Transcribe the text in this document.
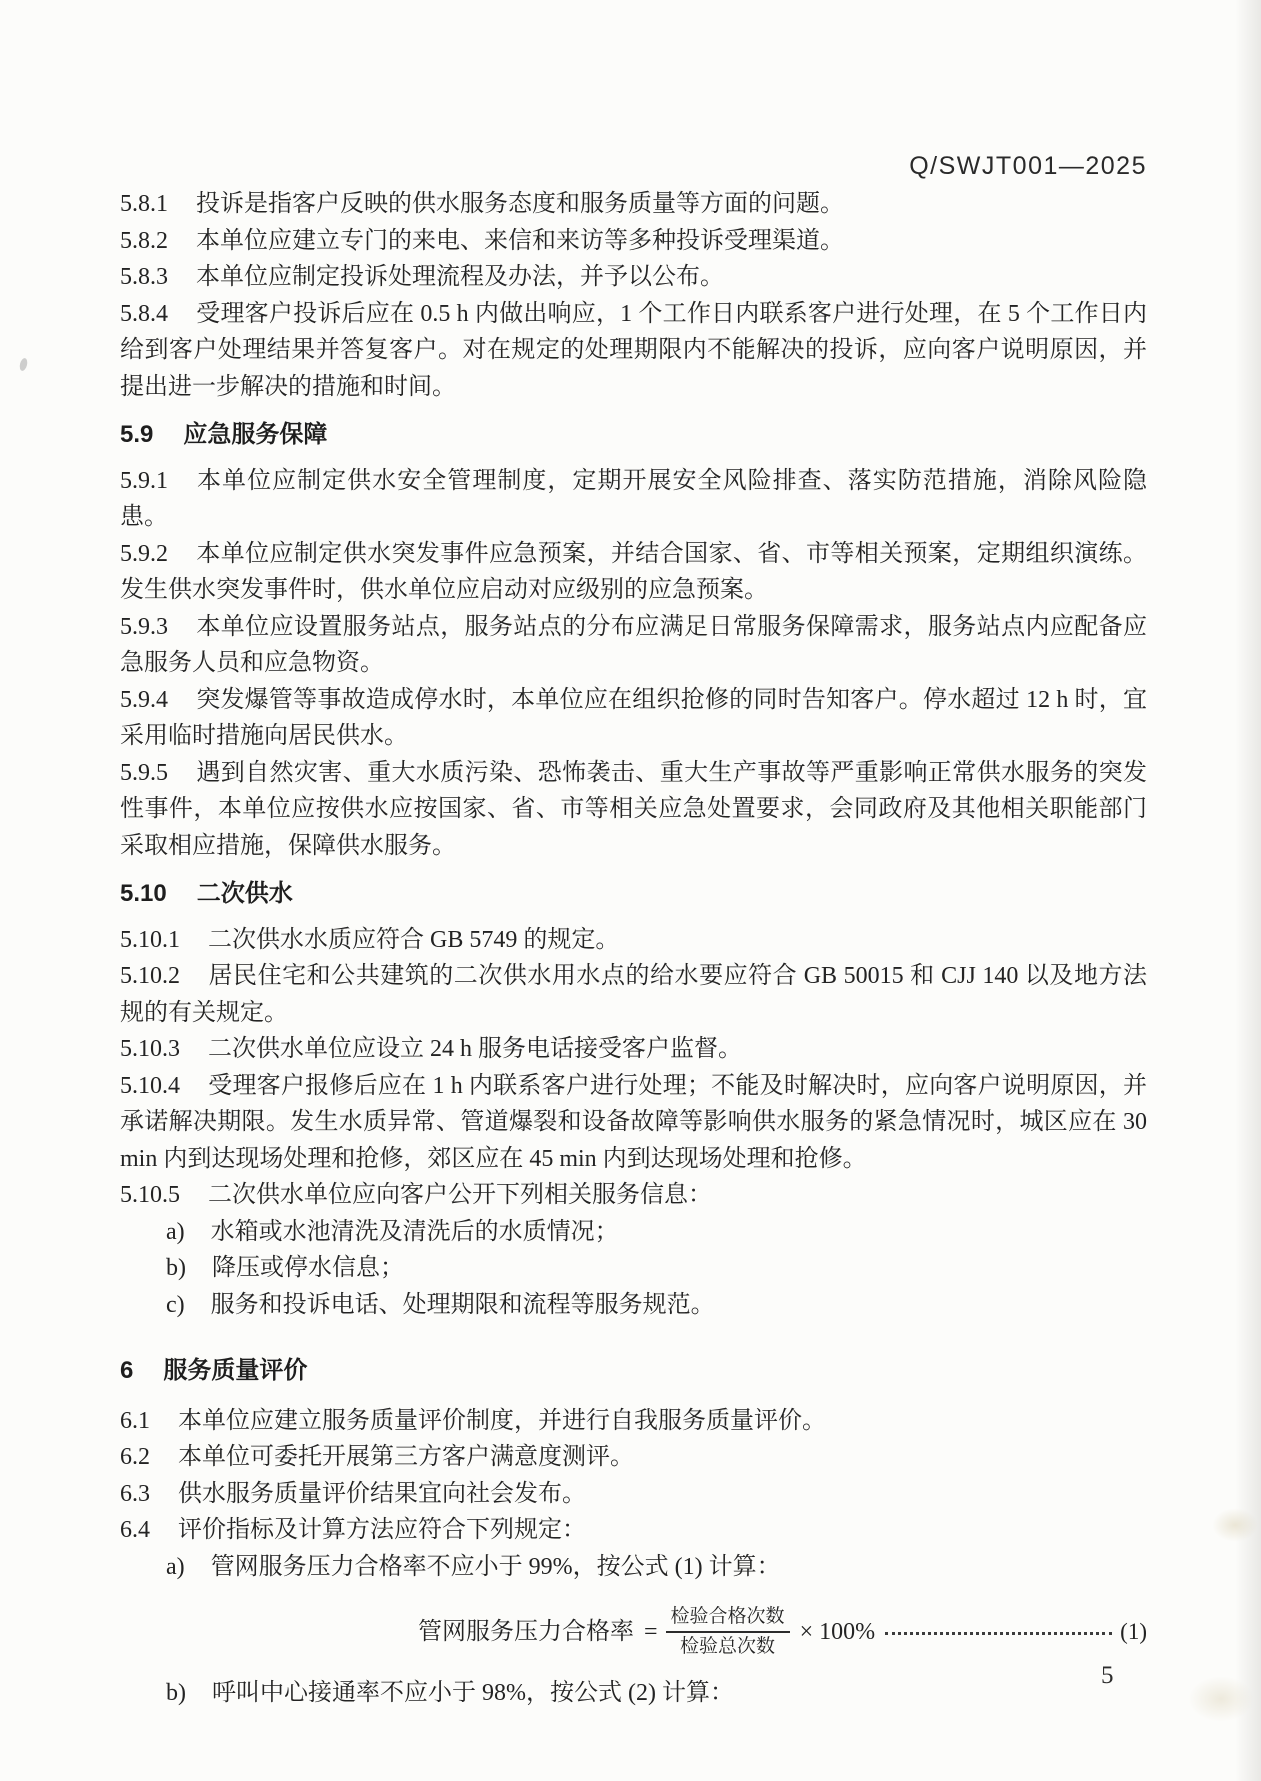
Q/SWJT001—2025

5.8.1 投诉是指客户反映的供水服务态度和服务质量等方面的问题。

5.8.2 本单位应建立专门的来电、来信和来访等多种投诉受理渠道。

5.8.3 本单位应制定投诉处理流程及办法，并予以公布。

5.8.4 受理客户投诉后应在 0.5 h 内做出响应，1 个工作日内联系客户进行处理，在 5 个工作日内给到客户处理结果并答复客户。对在规定的处理期限内不能解决的投诉，应向客户说明原因，并提出进一步解决的措施和时间。

5.9 应急服务保障

5.9.1 本单位应制定供水安全管理制度，定期开展安全风险排查、落实防范措施，消除风险隐患。

5.9.2 本单位应制定供水突发事件应急预案，并结合国家、省、市等相关预案，定期组织演练。发生供水突发事件时，供水单位应启动对应级别的应急预案。

5.9.3 本单位应设置服务站点，服务站点的分布应满足日常服务保障需求，服务站点内应配备应急服务人员和应急物资。

5.9.4 突发爆管等事故造成停水时，本单位应在组织抢修的同时告知客户。停水超过 12 h 时，宜采用临时措施向居民供水。

5.9.5 遇到自然灾害、重大水质污染、恐怖袭击、重大生产事故等严重影响正常供水服务的突发性事件，本单位应按供水应按国家、省、市等相关应急处置要求，会同政府及其他相关职能部门采取相应措施，保障供水服务。

5.10 二次供水

5.10.1 二次供水水质应符合 GB 5749 的规定。

5.10.2 居民住宅和公共建筑的二次供水用水点的给水要应符合 GB 50015 和 CJJ 140 以及地方法规的有关规定。

5.10.3 二次供水单位应设立 24 h 服务电话接受客户监督。

5.10.4 受理客户报修后应在 1 h 内联系客户进行处理；不能及时解决时，应向客户说明原因，并承诺解决期限。发生水质异常、管道爆裂和设备故障等影响供水服务的紧急情况时，城区应在 30 min 内到达现场处理和抢修，郊区应在 45 min 内到达现场处理和抢修。

5.10.5 二次供水单位应向客户公开下列相关服务信息：

a) 水箱或水池清洗及清洗后的水质情况；

b) 降压或停水信息；

c) 服务和投诉电话、处理期限和流程等服务规范。

6 服务质量评价

6.1 本单位应建立服务质量评价制度，并进行自我服务质量评价。

6.2 本单位可委托开展第三方客户满意度测评。

6.3 供水服务质量评价结果宜向社会发布。

6.4 评价指标及计算方法应符合下列规定：

a) 管网服务压力合格率不应小于 99%，按公式 (1) 计算：

管网服务压力合格率 = $\frac{\text{检验合格次数}}{\text{检验总次数}} \times 100\%$	(1)

b) 呼叫中心接通率不应小于 98%，按公式 (2) 计算：

5
